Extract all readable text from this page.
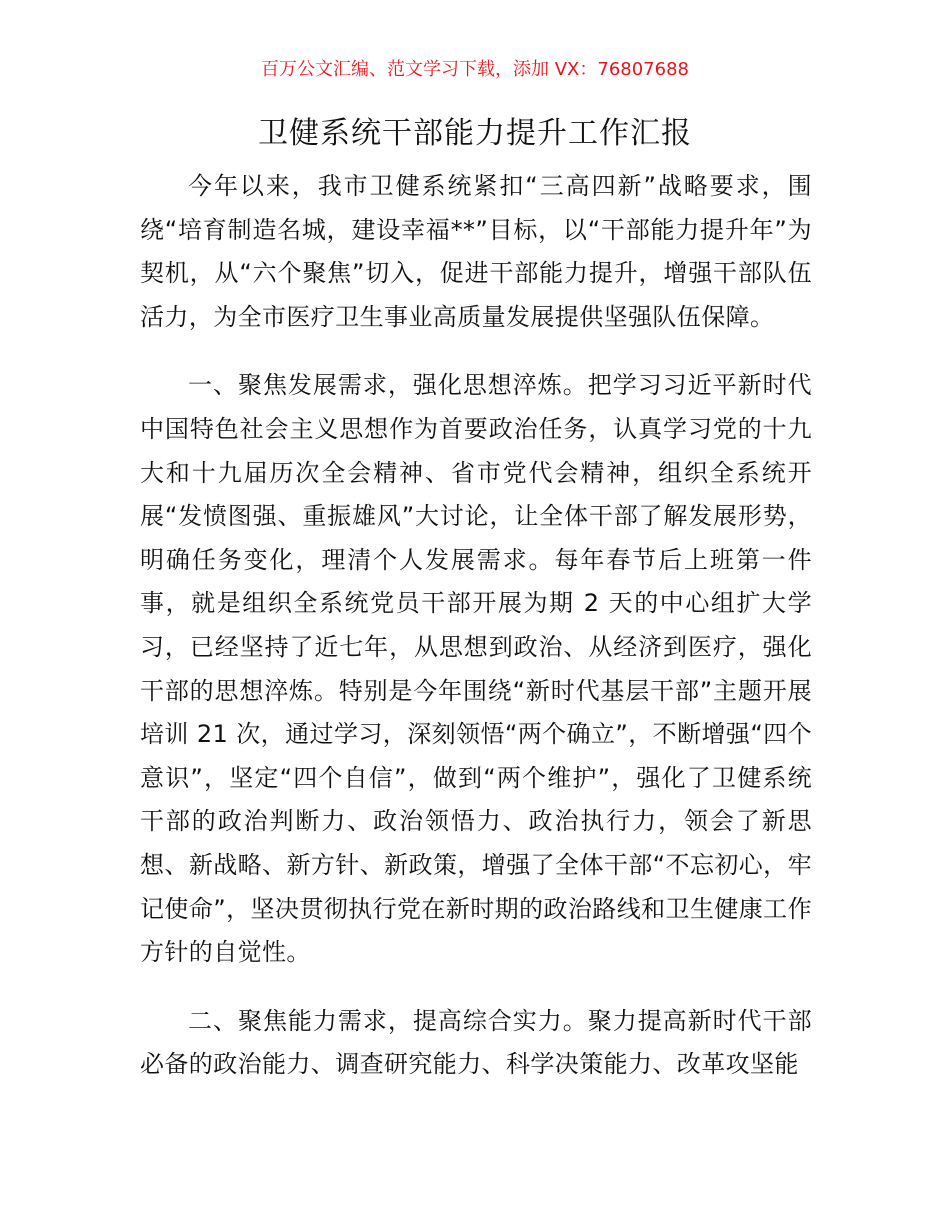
百万公文汇编、范文学习下载，添加 VX：76807688
卫健系统干部能力提升工作汇报

今年以来，我市卫健系统紧扣“三高四新”战略要求，围绕“培育制造名城，建设幸福**”目标，以“干部能力提升年”为契机，从“六个聚焦”切入，促进干部能力提升，增强干部队伍活力，为全市医疗卫生事业高质量发展提供坚强队伍保障。

一、聚焦发展需求，强化思想淬炼。把学习习近平新时代中国特色社会主义思想作为首要政治任务，认真学习党的十九大和十九届历次全会精神、省市党代会精神，组织全系统开展“发愤图强、重振雄风”大讨论，让全体干部了解发展形势，明确任务变化，理清个人发展需求。每年春节后上班第一件事，就是组织全系统党员干部开展为期 2 天的中心组扩大学习，已经坚持了近七年，从思想到政治、从经济到医疗，强化干部的思想淬炼。特别是今年围绕“新时代基层干部”主题开展培训 21 次，通过学习，深刻领悟“两个确立”，不断增强“四个意识”，坚定“四个自信”，做到“两个维护”，强化了卫健系统干部的政治判断力、政治领悟力、政治执行力，领会了新思想、新战略、新方针、新政策，增强了全体干部“不忘初心，牢记使命”，坚决贯彻执行党在新时期的政治路线和卫生健康工作方针的自觉性。

二、聚焦能力需求，提高综合实力。聚力提高新时代干部必备的政治能力、调查研究能力、科学决策能力、改革攻坚能
